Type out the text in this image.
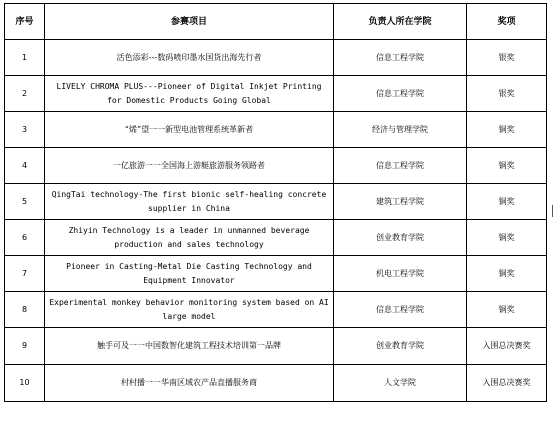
序号	参赛项目	负责人所在学院	奖项
1	活色添彩---数码喷印墨水国货出海先行者	信息工程学院	银奖
2	LIVELY CHROMA PLUS---Pioneer of Digital Inkjet Printing for Domestic Products Going Global	信息工程学院	银奖
3	“烯”望一一新型电池管理系统革新者	经济与管理学院	铜奖
4	一亿旅游一一全国海上游艇旅游服务领路者	信息工程学院	铜奖
5	QingTai technology-The first bionic self-healing concrete supplier in China	建筑工程学院	铜奖
6	Zhiyin Technology is a leader in unmanned beverage production and sales technology	创业教育学院	铜奖
7	Pioneer in Casting-Metal Die Casting Technology and Equipment Innovator	机电工程学院	铜奖
8	Experimental monkey behavior monitoring system based on AI large model	信息工程学院	铜奖
9	触手可及一一中国数智化建筑工程技术培训第一品牌	创业教育学院	入围总决赛奖
10	村村播一一华南区域农产品直播服务商	人文学院	入围总决赛奖
